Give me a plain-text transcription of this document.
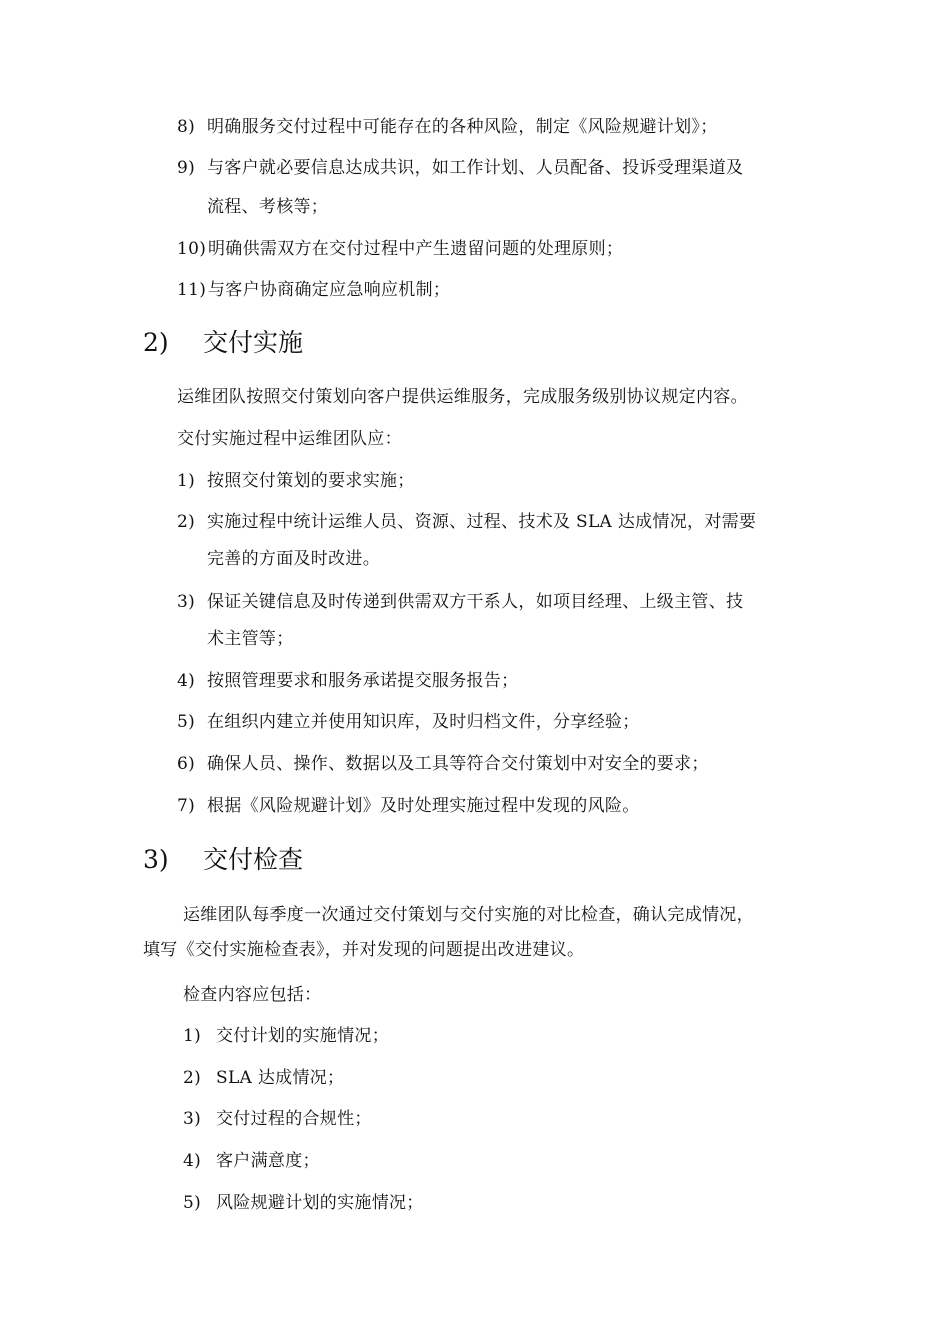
8) 明确服务交付过程中可能存在的各种风险，制定《风险规避计划》；
9) 与客户就必要信息达成共识，如工作计划、人员配备、投诉受理渠道及
流程、考核等；
10) 明确供需双方在交付过程中产生遗留问题的处理原则；
11) 与客户协商确定应急响应机制；
2) 交付实施
运维团队按照交付策划向客户提供运维服务，完成服务级别协议规定内容。
交付实施过程中运维团队应：
1) 按照交付策划的要求实施；
2) 实施过程中统计运维人员、资源、过程、技术及 SLA 达成情况，对需要
完善的方面及时改进。
3) 保证关键信息及时传递到供需双方干系人，如项目经理、上级主管、技
术主管等；
4) 按照管理要求和服务承诺提交服务报告；
5) 在组织内建立并使用知识库，及时归档文件，分享经验；
6) 确保人员、操作、数据以及工具等符合交付策划中对安全的要求；
7) 根据《风险规避计划》及时处理实施过程中发现的风险。
3) 交付检查
运维团队每季度一次通过交付策划与交付实施的对比检查，确认完成情况，
填写《交付实施检查表》，并对发现的问题提出改进建议。
检查内容应包括：
1) 交付计划的实施情况；
2) SLA 达成情况；
3) 交付过程的合规性；
4) 客户满意度；
5) 风险规避计划的实施情况；
